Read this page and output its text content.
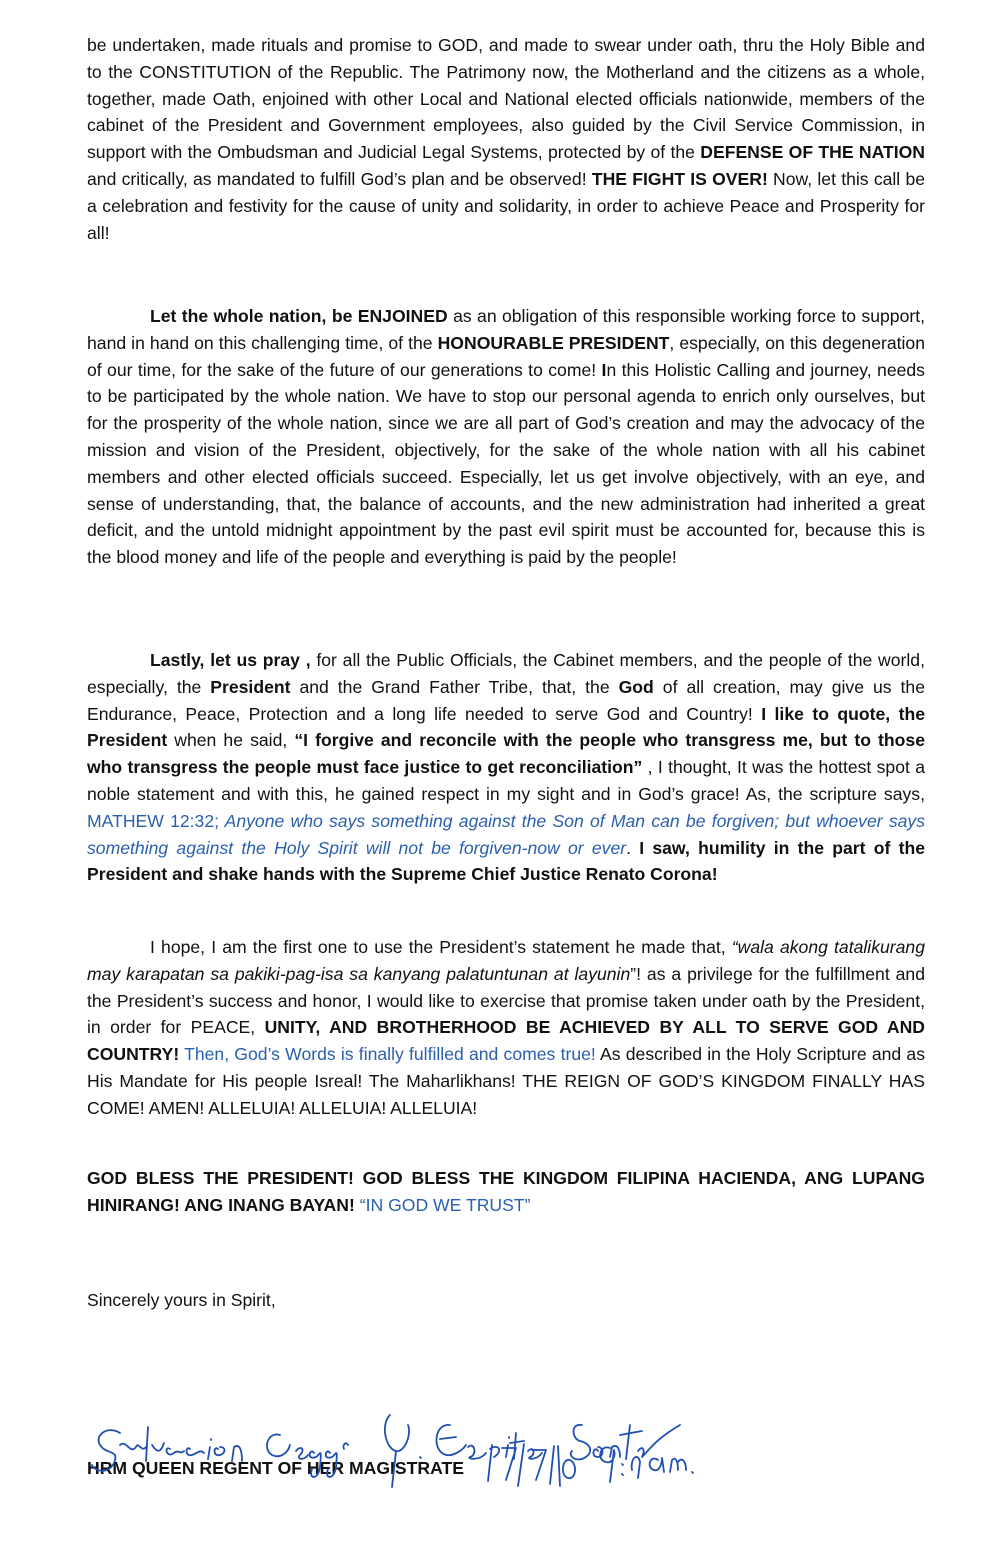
be undertaken, made rituals and promise to GOD, and made to swear under oath, thru the Holy Bible and to the CONSTITUTION of the Republic. The Patrimony now, the Motherland and the citizens as a whole, together, made Oath, enjoined with other Local and National elected officials nationwide, members of the cabinet of the President and Government employees, also guided by the Civil Service Commission, in support with the Ombudsman and Judicial Legal Systems, protected by of the DEFENSE OF THE NATION and critically, as mandated to fulfill God’s plan and be observed! THE FIGHT IS OVER! Now, let this call be a celebration and festivity for the cause of unity and solidarity, in order to achieve Peace and Prosperity for all!

Let the whole nation, be ENJOINED as an obligation of this responsible working force to support, hand in hand on this challenging time, of the HONOURABLE PRESIDENT, especially, on this degeneration of our time, for the sake of the future of our generations to come! In this Holistic Calling and journey, needs to be participated by the whole nation. We have to stop our personal agenda to enrich only ourselves, but for the prosperity of the whole nation, since we are all part of God’s creation and may the advocacy of the mission and vision of the President, objectively, for the sake of the whole nation with all his cabinet members and other elected officials succeed. Especially, let us get involve objectively, with an eye, and sense of understanding, that, the balance of accounts, and the new administration had inherited a great deficit, and the untold midnight appointment by the past evil spirit must be accounted for, because this is the blood money and life of the people and everything is paid by the people!

Lastly, let us pray , for all the Public Officials, the Cabinet members, and the people of the world, especially, the President and the Grand Father Tribe, that, the God of all creation, may give us the Endurance, Peace, Protection and a long life needed to serve God and Country! I like to quote, the President when he said, “I forgive and reconcile with the people who transgress me, but to those who transgress the people must face justice to get reconciliation” , I thought, It was the hottest spot a noble statement and with this, he gained respect in my sight and in God’s grace! As, the scripture says, MATHEW 12:32; Anyone who says something against the Son of Man can be forgiven; but whoever says something against the Holy Spirit will not be forgiven-now or ever. I saw, humility in the part of the President and shake hands with the Supreme Chief Justice Renato Corona!

I hope, I am the first one to use the President’s statement he made that, “wala akong tatalikurang may karapatan sa pakiki-pag-isa sa kanyang palatuntunan at layunin”! as a privilege for the fulfillment and the President’s success and honor, I would like to exercise that promise taken under oath by the President, in order for PEACE, UNITY, AND BROTHERHOOD BE ACHIEVED BY ALL TO SERVE GOD AND COUNTRY! Then, God’s Words is finally fulfilled and comes true! As described in the Holy Scripture and as His Mandate for His people Isreal! The Maharlikhans! THE REIGN OF GOD’S KINGDOM FINALLY HAS COME! AMEN! ALLELUIA! ALLELUIA! ALLELUIA!

GOD BLESS THE PRESIDENT! GOD BLESS THE KINGDOM FILIPINA HACIENDA, ANG LUPANG HINIRANG! ANG INANG BAYAN! “IN GOD WE TRUST”

Sincerely yours in Spirit,

HRM QUEEN REGENT OF HER MAGISTRATE
